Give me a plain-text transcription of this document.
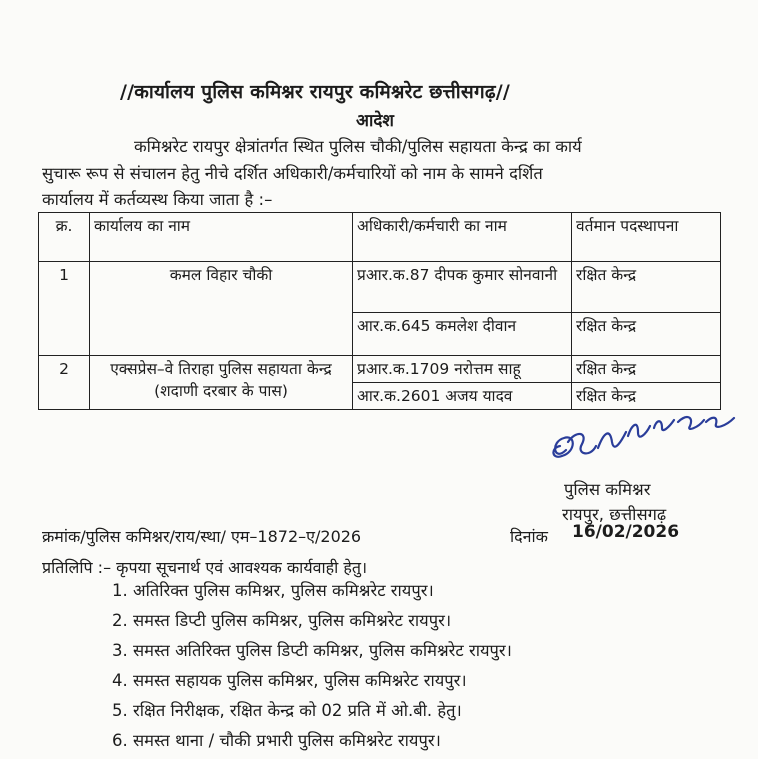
//कार्यालय पुलिस कमिश्नर रायपुर कमिश्नरेट छत्तीसगढ़//
आदेश
कमिश्नरेट रायपुर क्षेत्रांतर्गत स्थित पुलिस चौकी/पुलिस सहायता केन्द्र का कार्य
सुचारू रूप से संचालन हेतु नीचे दर्शित अधिकारी/कर्मचारियों को नाम के सामने दर्शित
कार्यालय में कर्तव्यस्थ किया जाता है :–
क्र.	कार्यालय का नाम	अधिकारी/कर्मचारी का नाम	वर्तमान पदस्थापना
1	कमल विहार चौकी	प्रआर.क.87 दीपक कुमार सोनवानी	रक्षित केन्द्र
		आर.क.645 कमलेश दीवान	रक्षित केन्द्र
2	एक्सप्रेस–वे तिराहा पुलिस सहायता केन्द्र (शदाणी दरबार के पास)	प्रआर.क.1709 नरोत्तम साहू	रक्षित केन्द्र
		आर.क.2601 अजय यादव	रक्षित केन्द्र
पुलिस कमिश्नर
रायपुर, छत्तीसगढ़
क्रमांक/पुलिस कमिश्नर/राय/स्था/ एम–1872–ए/2026	दिनांक 16/02/2026
प्रतिलिपि :– कृपया सूचनार्थ एवं आवश्यक कार्यवाही हेतु।
1. अतिरिक्त पुलिस कमिश्नर, पुलिस कमिश्नरेट रायपुर।
2. समस्त डिप्टी पुलिस कमिश्नर, पुलिस कमिश्नरेट रायपुर।
3. समस्त अतिरिक्त पुलिस डिप्टी कमिश्नर, पुलिस कमिश्नरेट रायपुर।
4. समस्त सहायक पुलिस कमिश्नर, पुलिस कमिश्नरेट रायपुर।
5. रक्षित निरीक्षक, रक्षित केन्द्र को 02 प्रति में ओ.बी. हेतु।
6. समस्त थाना / चौकी प्रभारी पुलिस कमिश्नरेट रायपुर।
